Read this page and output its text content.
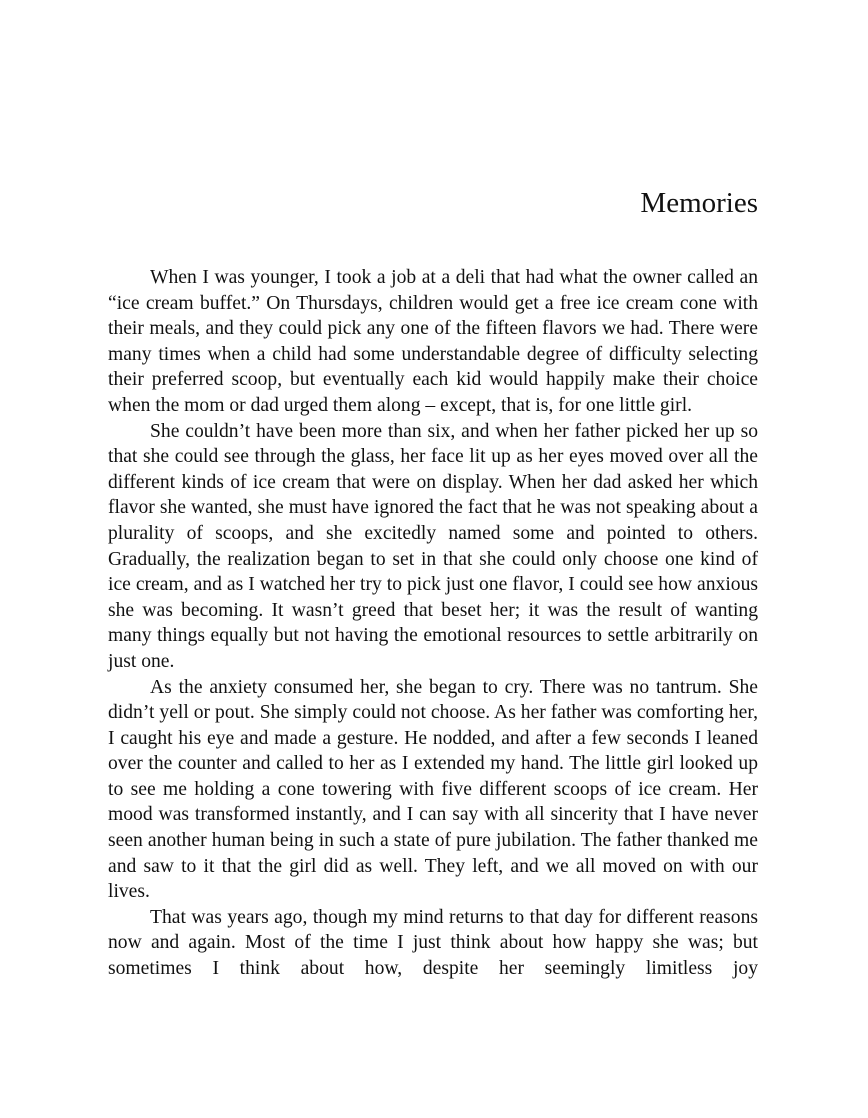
Memories

When I was younger, I took a job at a deli that had what the owner called an “ice cream buffet.” On Thursdays, children would get a free ice cream cone with their meals, and they could pick any one of the fifteen flavors we had. There were many times when a child had some understandable degree of difficulty selecting their preferred scoop, but eventually each kid would happily make their choice when the mom or dad urged them along – except, that is, for one little girl.

She couldn’t have been more than six, and when her father picked her up so that she could see through the glass, her face lit up as her eyes moved over all the different kinds of ice cream that were on display. When her dad asked her which flavor she wanted, she must have ignored the fact that he was not speaking about a plurality of scoops, and she excitedly named some and pointed to others. Gradually, the realization began to set in that she could only choose one kind of ice cream, and as I watched her try to pick just one flavor, I could see how anxious she was becoming. It wasn’t greed that beset her; it was the result of wanting many things equally but not having the emotional resources to settle arbitrarily on just one.

As the anxiety consumed her, she began to cry. There was no tantrum. She didn’t yell or pout. She simply could not choose. As her father was comforting her, I caught his eye and made a gesture. He nodded, and after a few seconds I leaned over the counter and called to her as I extended my hand. The little girl looked up to see me holding a cone towering with five different scoops of ice cream. Her mood was transformed instantly, and I can say with all sincerity that I have never seen another human being in such a state of pure jubilation. The father thanked me and saw to it that the girl did as well. They left, and we all moved on with our lives.

That was years ago, though my mind returns to that day for different reasons now and again. Most of the time I just think about how happy she was; but sometimes I think about how, despite her seemingly limitless joy
